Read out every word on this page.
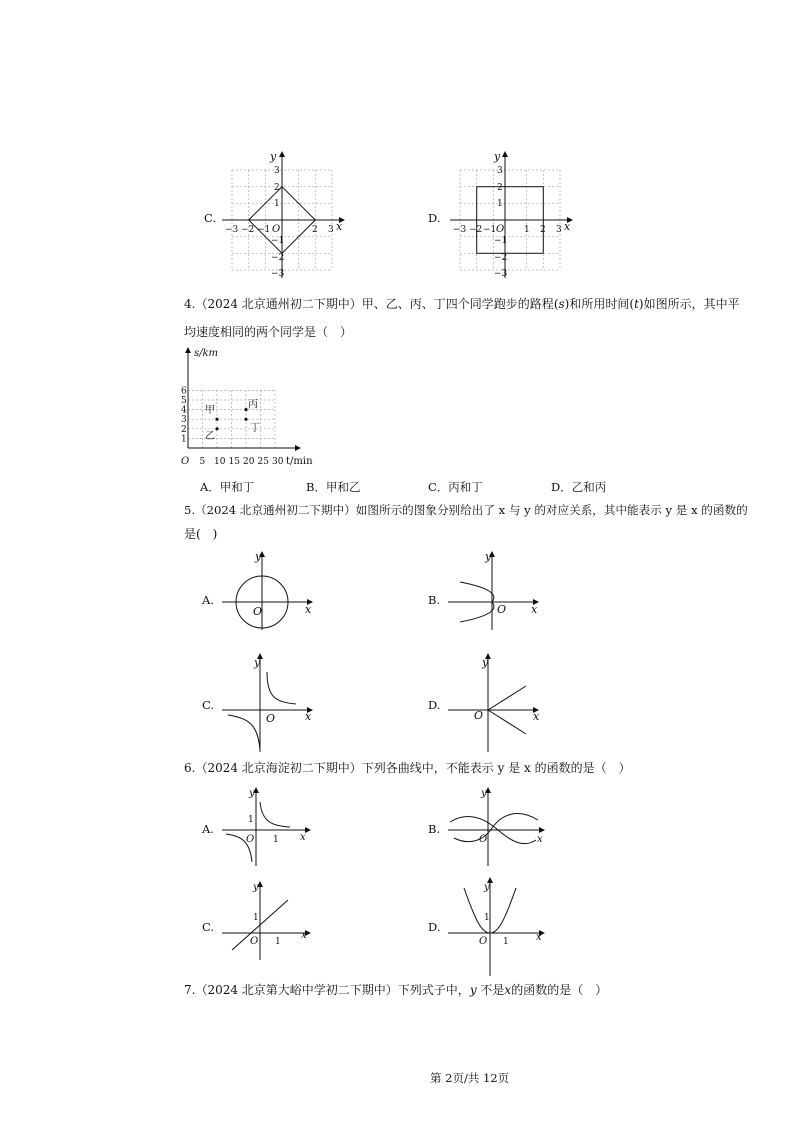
C.
y
x
O
−3 −2 −1	2 3
3
2
1
−1
−2
−3
D.
y
x
O
−3 −2 −1	1 2 3
3
2
1
−1
−2
−3
4.（2024 北京通州初二下期中）甲、乙、丙、丁四个同学跑步的路程(s)和所用时间(t)如图所示，其中平
均速度相同的两个同学是（　）
s/km
t/min
O 5 10 15 20 25 30
1
2
3
4
5
6
甲
乙
丙
丁
A．甲和丁	B．甲和乙	C．丙和丁	D．乙和丙
5.（2024 北京通州初二下期中）如图所示的图象分别给出了 x 与 y 的对应关系，其中能表示 y 是 x 的函数的
是(　)
A.
y
x
O
B.
y
x
O
C.
y
x
O
D.
y
x
O
6.（2024 北京海淀初二下期中）下列各曲线中，不能表示 y 是 x 的函数的是（　）
A.
y
x
O
1
1
B.
y
x
O
C.
y
x
O
1
1
D.
y
x
O
1
1
7.（2024 北京第大峪中学初二下期中）下列式子中，y 不是x的函数的是（　）
第 2页/共 12页
